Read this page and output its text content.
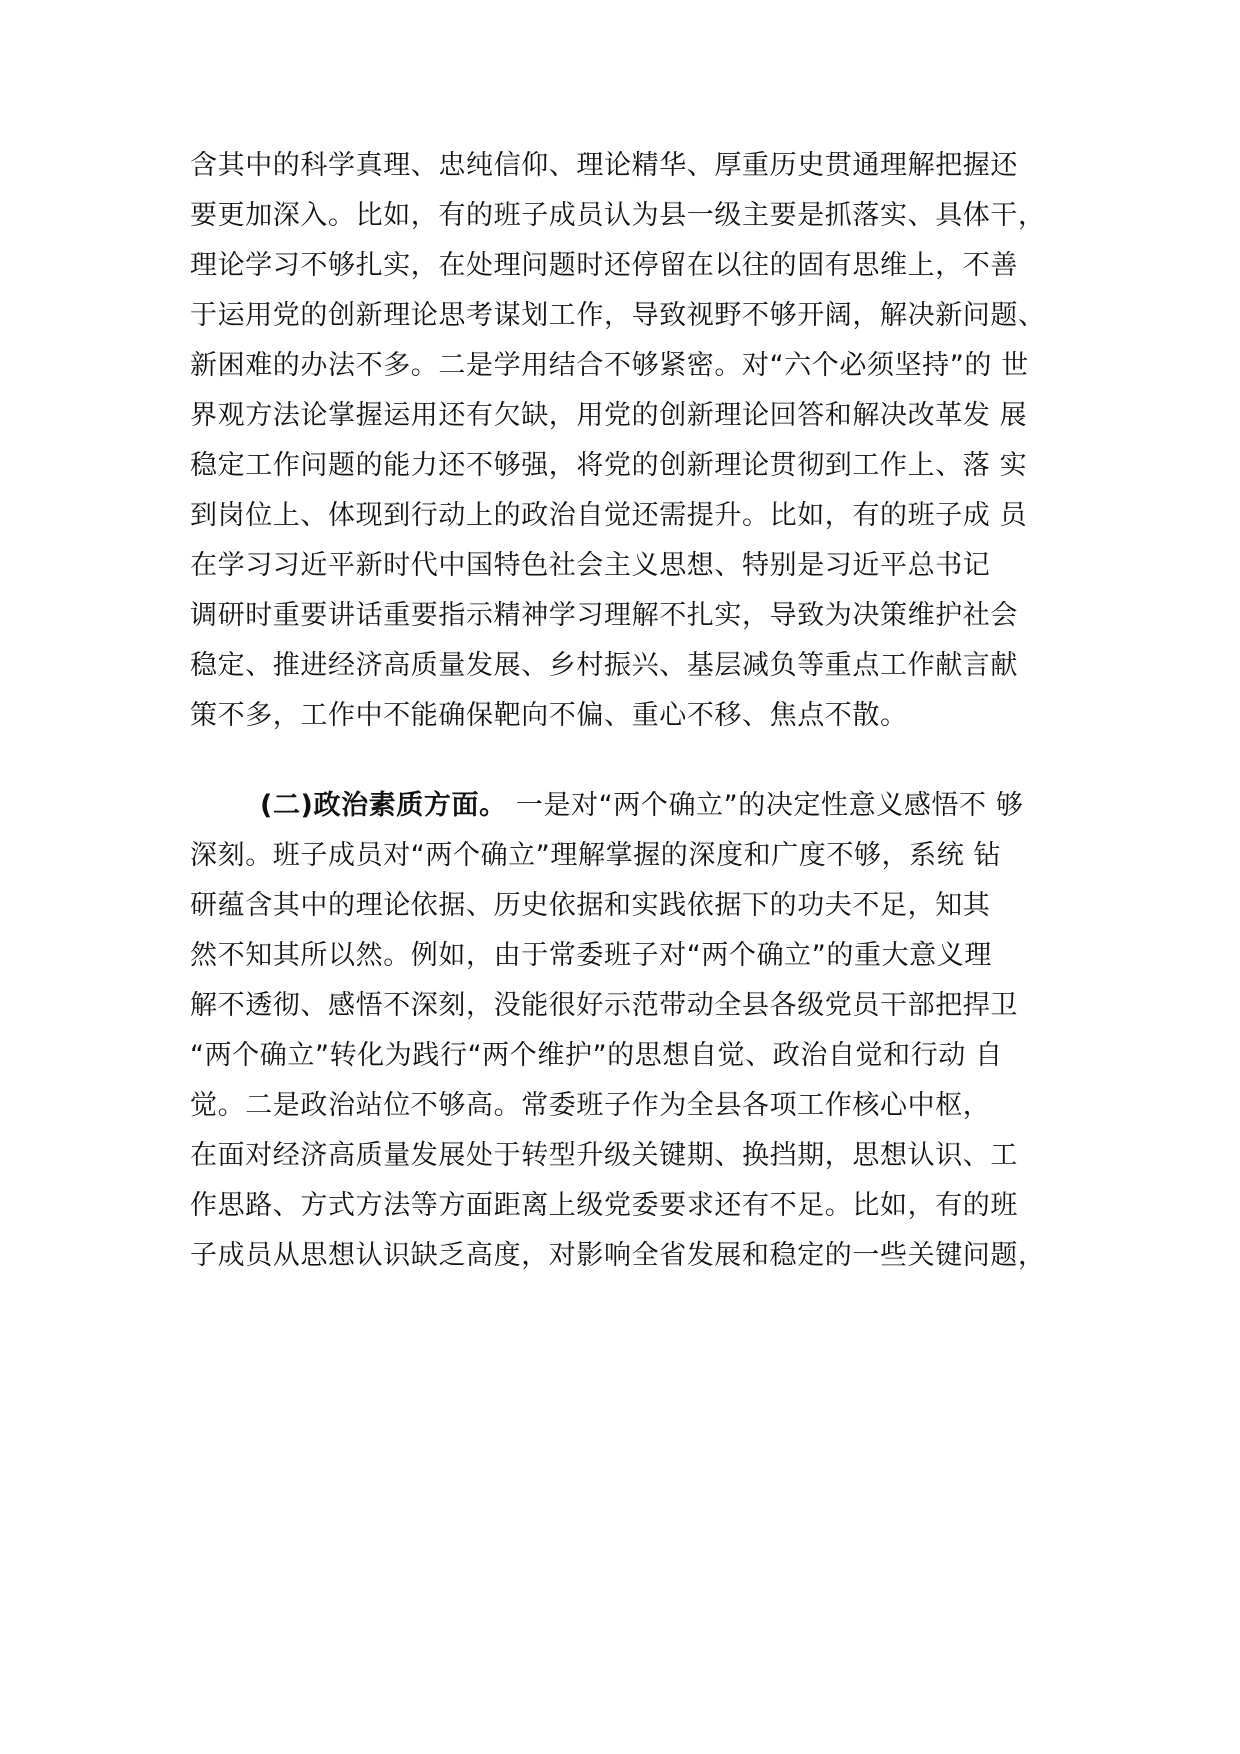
含其中的科学真理、忠纯信仰、理论精华、厚重历史贯通理解把握还
要更加深入。比如，有的班子成员认为县一级主要是抓落实、具体干，
理论学习不够扎实，在处理问题时还停留在以往的固有思维上，不善
于运用党的创新理论思考谋划工作，导致视野不够开阔，解决新问题、
新困难的办法不多。二是学用结合不够紧密。对“六个必须坚持”的 世
界观方法论掌握运用还有欠缺，用党的创新理论回答和解决改革发 展
稳定工作问题的能力还不够强，将党的创新理论贯彻到工作上、落 实
到岗位上、体现到行动上的政治自觉还需提升。比如，有的班子成 员
在学习习近平新时代中国特色社会主义思想、特别是习近平总书记
调研时重要讲话重要指示精神学习理解不扎实，导致为决策维护社会
稳定、推进经济高质量发展、乡村振兴、基层减负等重点工作献言献
策不多，工作中不能确保靶向不偏、重心不移、焦点不散。
(二)政治素质方面。 一是对“两个确立”的决定性意义感悟不 够
深刻。班子成员对“两个确立”理解掌握的深度和广度不够，系统 钻
研蕴含其中的理论依据、历史依据和实践依据下的功夫不足，知其
然不知其所以然。例如，由于常委班子对“两个确立”的重大意义理
解不透彻、感悟不深刻，没能很好示范带动全县各级党员干部把捍卫
“两个确立”转化为践行“两个维护”的思想自觉、政治自觉和行动 自
觉。二是政治站位不够高。常委班子作为全县各项工作核心中枢，
在面对经济高质量发展处于转型升级关键期、换挡期，思想认识、工
作思路、方式方法等方面距离上级党委要求还有不足。比如，有的班
子成员从思想认识缺乏高度，对影响全省发展和稳定的一些关键问题，
